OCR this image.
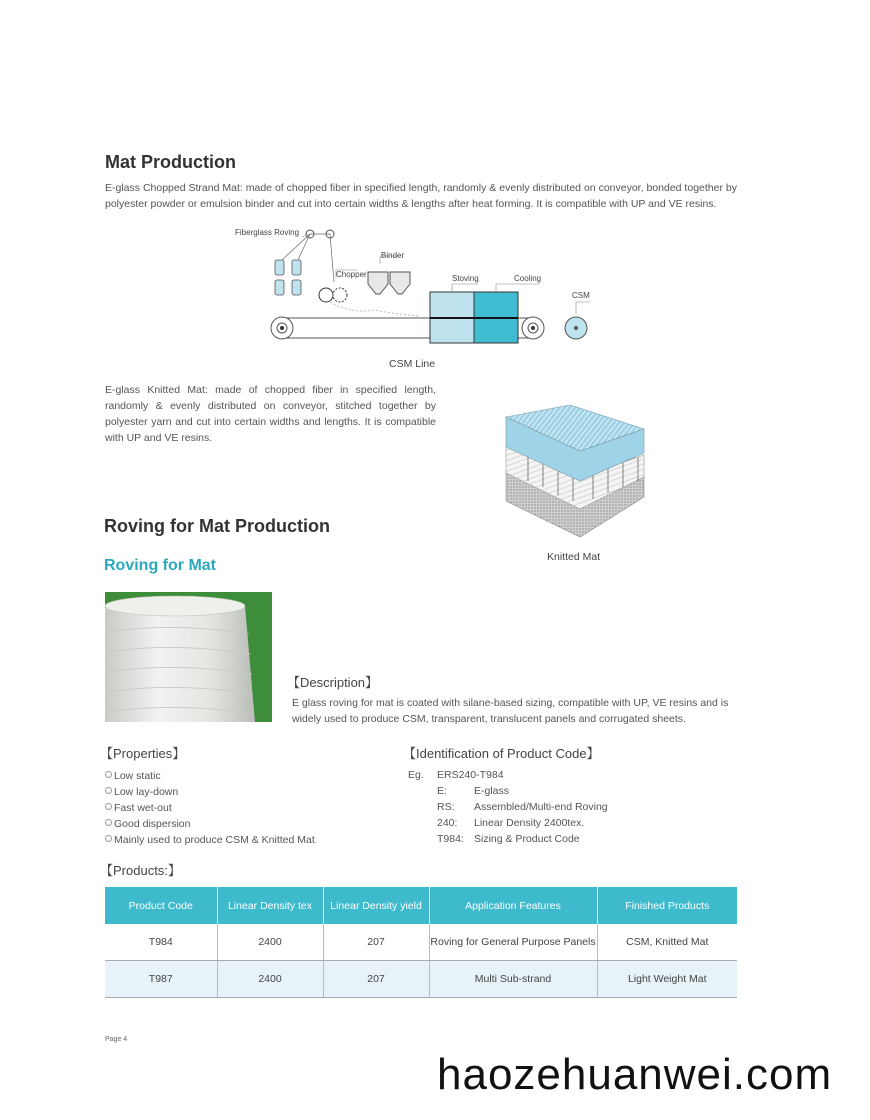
Mat Production

E-glass Chopped Strand Mat: made of chopped fiber in specified length, randomly & evenly distributed on conveyor, bonded together by polyester powder or emulsion binder and cut into certain widths & lengths after heat forming. It is compatible with UP and VE resins.

Fiberglass Roving
Chopper
Binder
Stoving	Cooling
CSM
CSM Line

E-glass Knitted Mat: made of chopped fiber in specified length, randomly & evenly distributed on conveyor, stitched together by polyester yarn and cut into certain widths and lengths. It is compatible with UP and VE resins.

Knitted Mat
Roving for Mat Production
Roving for Mat
【Description】

E glass roving for mat is coated with silane-based sizing, compatible with UP, VE resins and is widely used to produce CSM, transparent, translucent panels and corrugated sheets.

【Properties】
Low static
Low lay-down
Fast wet-out
Good dispersion
Mainly used to produce CSM & Knitted Mat
【Identification of Product Code】
Eg.	ERS240-T984
E:	E-glass
RS:	Assembled/Multi-end Roving
240:	Linear Density 2400tex.
T984: Sizing & Product Code
【Products:】
Product Code	Linear Density tex	Linear Density yield	Application Features	Finished Products
T984	2400	207	Roving for General Purpose Panels	CSM, Knitted Mat
T987	2400	207	Multi Sub-strand	Light Weight Mat
Page 4
haozehuanwei.com
